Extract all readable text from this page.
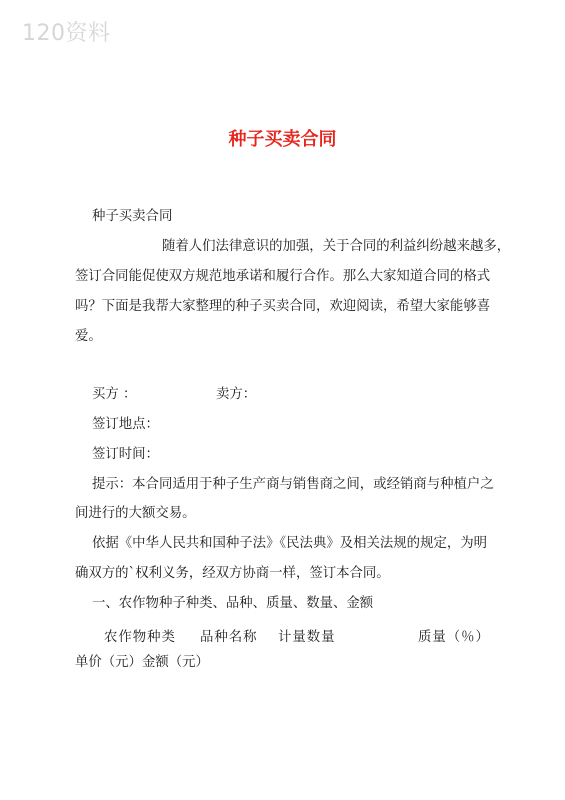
120资料
种子买卖合同
种子买卖合同
随着人们法律意识的加强，关于合同的利益纠纷越来越多，
签订合同能促使双方规范地承诺和履行合作。那么大家知道合同的格式
吗？下面是我帮大家整理的种子买卖合同，欢迎阅读，希望大家能够喜
爱。
买方 ：	卖方：
签订地点：
签订时间：
提示：本合同适用于种子生产商与销售商之间，或经销商与种植户之
间进行的大额交易。
依据《中华人民共和国种子法》《民法典》及相关法规的规定，为明
确双方的`权利义务，经双方协商一样，签订本合同。
一、农作物种子种类、品种、质量、数量、金额
农作物种类 品种名称 计量数量	质量（％）
单价（元）金额（元）
